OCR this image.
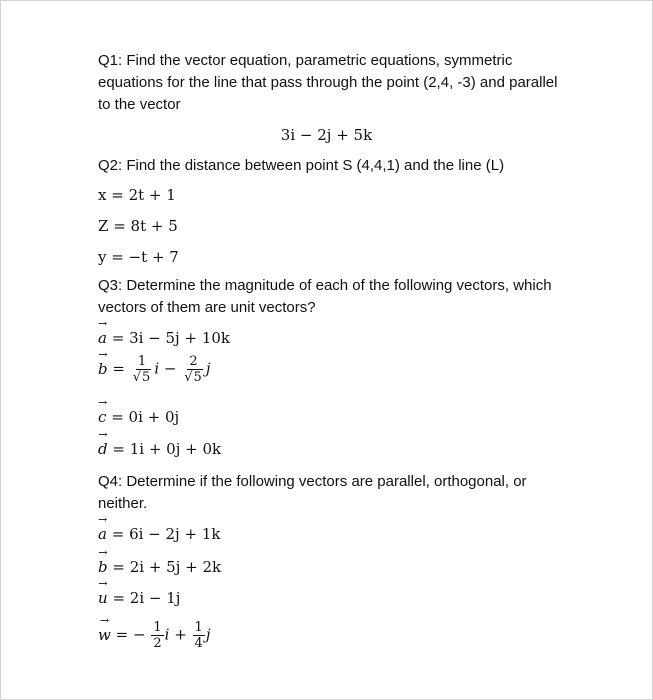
Q1: Find the vector equation, parametric equations, symmetric equations for the line that pass through the point (2,4, -3) and parallel to the vector
3i − 2j + 5k
Q2: Find the distance between point S (4,4,1) and the line (L)
x = 2t + 1
Z = 8t + 5
y = −t + 7
Q3: Determine the magnitude of each of the following vectors, which vectors of them are unit vectors?
→ a = 3i − 5j + 10k
→ $b = \frac{1}{√5}$ $i - \frac{2}{√5}$ j
→ c = 0i + 0j
→ d = 1i + 0j + 0k
Q4: Determine if the following vectors are parallel, orthogonal, or neither.
→ a = 6i − 2j + 1k
→ b = 2i + 5j + 2k
→ u = 2i − 1j
→ w = − $\frac{1}{2}$ $i + \frac{1}{4}$ j
